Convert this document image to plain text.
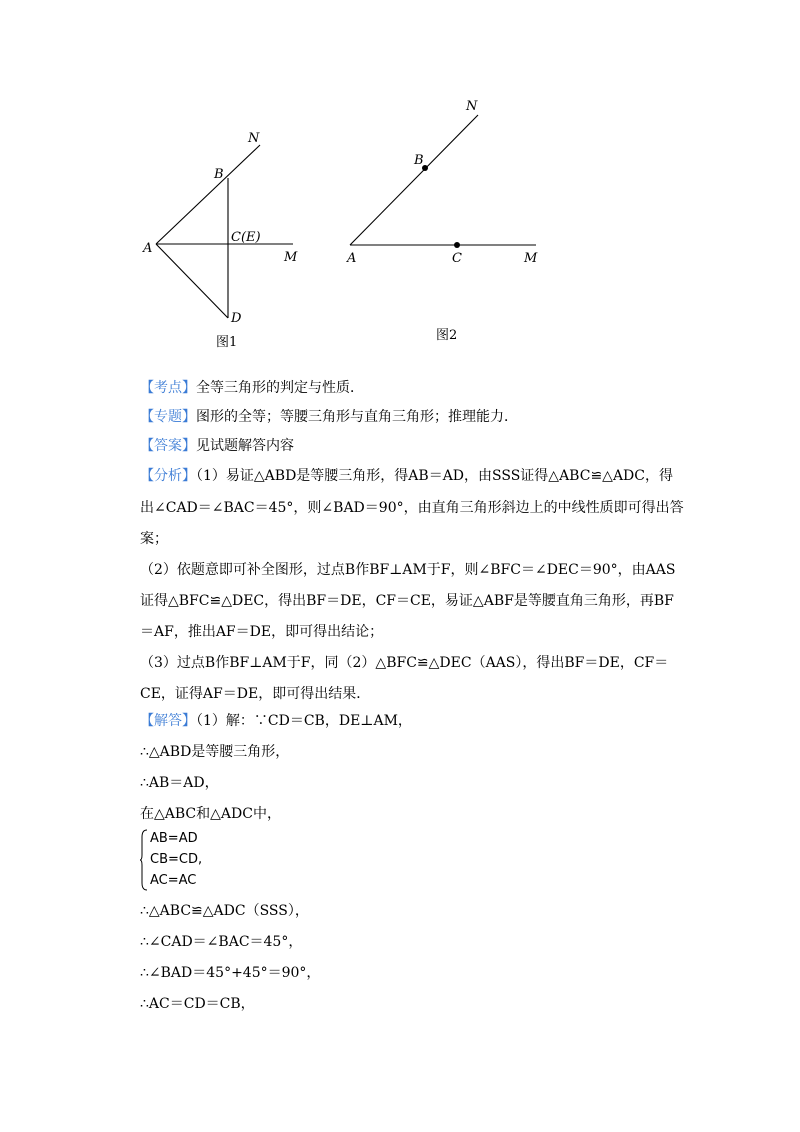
N
B
C(E)
A
M
D
图1
N
B
A	C	M
图2
【考点】全等三角形的判定与性质．
【专题】图形的全等；等腰三角形与直角三角形；推理能力．
【答案】见试题解答内容
【分析】（1）易证△ABD是等腰三角形，得AB＝AD，由SSS证得△ABC≌△ADC，得
出∠CAD＝∠BAC＝45°，则∠BAD＝90°，由直角三角形斜边上的中线性质即可得出答
案；
（2）依题意即可补全图形，过点B作BF⊥AM于F，则∠BFC＝∠DEC＝90°，由AAS
证得△BFC≌△DEC，得出BF＝DE，CF＝CE，易证△ABF是等腰直角三角形，再BF
＝AF，推出AF＝DE，即可得出结论；
（3）过点B作BF⊥AM于F，同（2）△BFC≌△DEC（AAS），得出BF＝DE，CF＝
CE，证得AF＝DE，即可得出结果．
【解答】（1）解：∵CD＝CB，DE⊥AM，
∴△ABD是等腰三角形，
∴AB＝AD，
在△ABC和△ADC中，
AB=AD
CB=CD,
AC=AC
∴△ABC≌△ADC（SSS），
∴∠CAD＝∠BAC＝45°，
∴∠BAD＝45°+45°＝90°，
∴AC＝CD＝CB，
